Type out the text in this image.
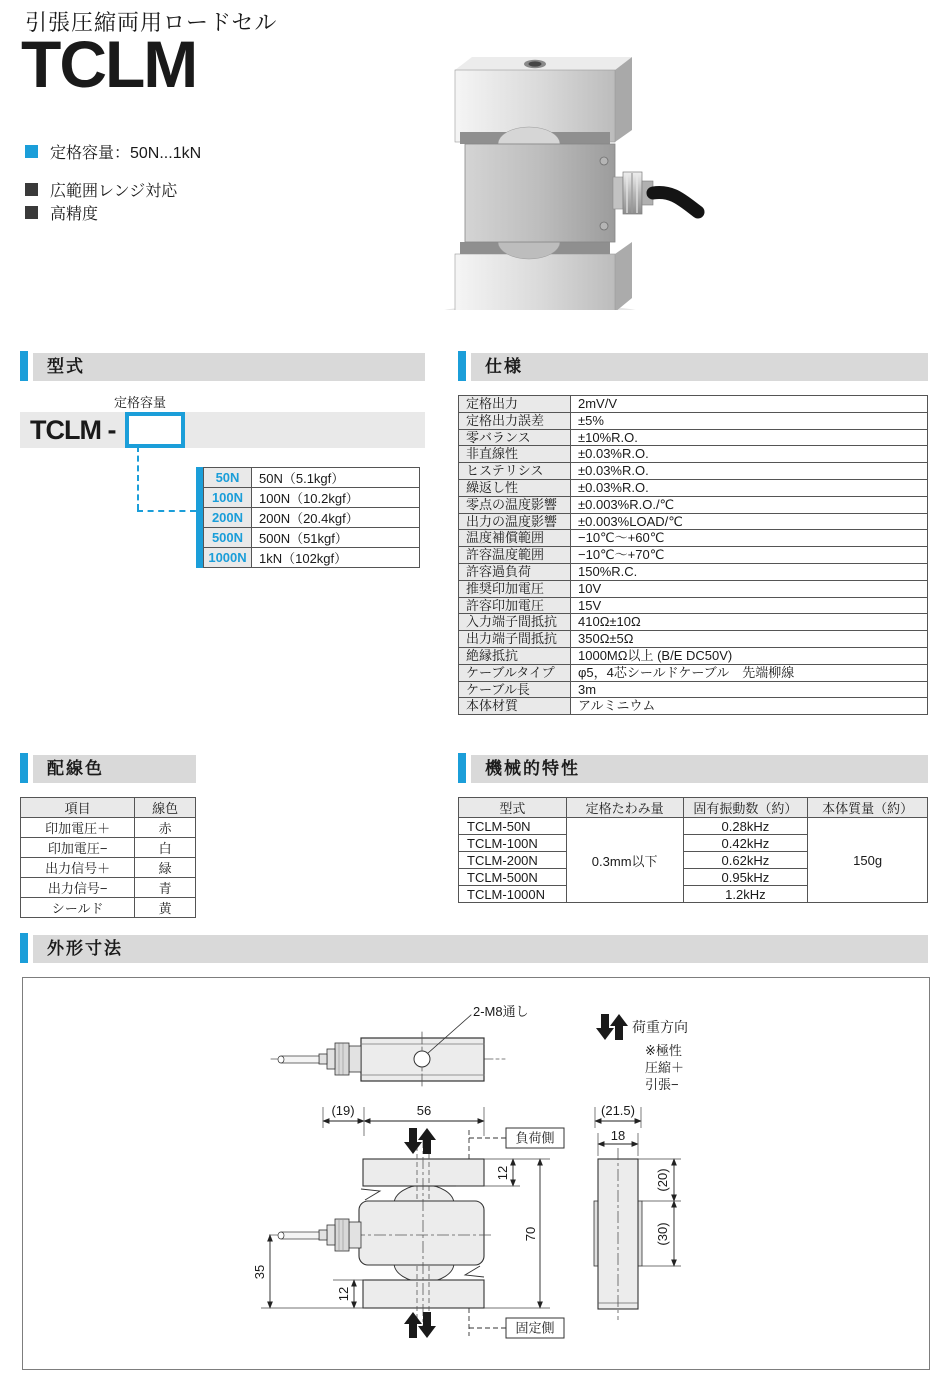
引張圧縮両用ロードセル
TCLM
定格容量：50N...1kN
広範囲レンジ対応
高精度
型式	仕様
配線色	機械的特性
外形寸法
定格容量
TCLM -
50N	50N（5.1kgf）
100N	100N（10.2kgf）
200N	200N（20.4kgf）
500N	500N（51kgf）
1000N	1kN（102kgf）
定格出力	2mV/V
定格出力誤差	±5%
零バランス	±10%R.O.
非直線性	±0.03%R.O.
ヒステリシス	±0.03%R.O.
繰返し性	±0.03%R.O.
零点の温度影響	±0.003%R.O./℃
出力の温度影響	±0.003%LOAD/℃
温度補償範囲	−10℃～+60℃
許容温度範囲	−10℃～+70℃
許容過負荷	150%R.C.
推奨印加電圧	10V
許容印加電圧	15V
入力端子間抵抗	410Ω±10Ω
出力端子間抵抗	350Ω±5Ω
絶縁抵抗	1000MΩ以上 (B/E DC50V)
ケーブルタイプ	φ5，4芯シールドケーブル　先端柳線
ケーブル長	3m
本体材質	アルミニウム
項目	線色
印加電圧＋	赤
印加電圧−	白
出力信号＋	緑
出力信号−	青
シールド	黄
型式	定格たわみ量	固有振動数（約）	本体質量（約）
TCLM-50N	0.3mm以下	0.28kHz	150g
TCLM-100N		0.42kHz	
TCLM-200N		0.62kHz	
TCLM-500N		0.95kHz	
TCLM-1000N		1.2kHz	
2-M8通し
荷重方向
※極性
圧縮＋
引張−
(19)	56	(21.5)
18
負荷側
固定側
12
70
12
35
(20)
(30)
